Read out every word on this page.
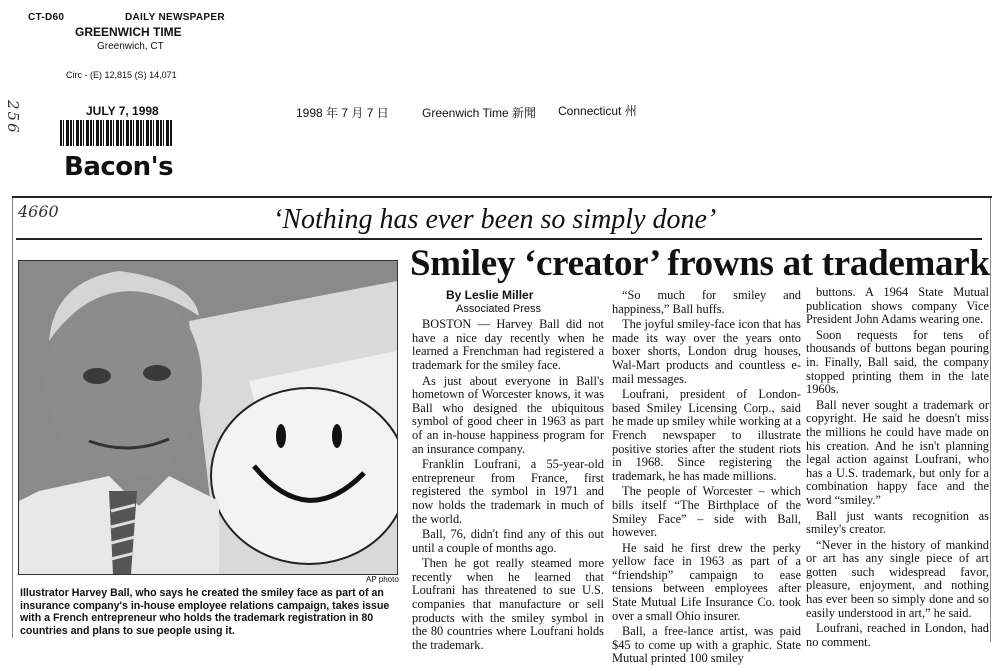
CT-D60	DAILY NEWSPAPER
GREENWICH TIME
Greenwich, CT
Circ - (E) 12,815 (S) 14,071
256	JULY 7, 1998
Bacon's
1998 年 7 月 7 日	Greenwich Time 新聞 Connecticut 州
4660	‘Nothing has ever been so simply done’
Smiley ‘creator’ frowns at trademark
AP photo
Illustrator Harvey Ball, who says he created the smiley face as part of an insurance company's in-house employee relations campaign, takes issue with a French entrepreneur who holds the trademark registration in 80 countries and plans to sue people using it.

By Leslie Miller

Associated Press

BOSTON — Harvey Ball did not have a nice day recently when he learned a Frenchman had registered a trademark for the smiley face.

As just about everyone in Ball's hometown of Worcester knows, it was Ball who designed the ubiquitous symbol of good cheer in 1963 as part of an in-house happiness program for an insurance company.

Franklin Loufrani, a 55-year-old entrepreneur from France, first registered the symbol in 1971 and now holds the trademark in much of the world.

Ball, 76, didn't find any of this out until a couple of months ago.

Then he got really steamed more recently when he learned that Loufrani has threatened to sue U.S. companies that manufacture or sell products with the smiley symbol in the 80 countries where Loufrani holds the trademark.

“So much for smiley and happiness,” Ball huffs.

The joyful smiley-face icon that has made its way over the years onto boxer shorts, London drug houses, Wal-Mart products and countless e-mail messages.

Loufrani, president of London-based Smiley Licensing Corp., said he made up smiley while working at a French newspaper to illustrate positive stories after the student riots in 1968. Since registering the trademark, he has made millions.

The people of Worcester – which bills itself “The Birthplace of the Smiley Face” – side with Ball, however.

He said he first drew the perky yellow face in 1963 as part of a “friendship” campaign to ease tensions between employees after State Mutual Life Insurance Co. took over a small Ohio insurer.

Ball, a free-lance artist, was paid $45 to come up with a graphic. State Mutual printed 100 smiley

buttons. A 1964 State Mutual publication shows company Vice President John Adams wearing one.

Soon requests for tens of thousands of buttons began pouring in. Finally, Ball said, the company stopped printing them in the late 1960s.

Ball never sought a trademark or copyright. He said he doesn't miss the millions he could have made on his creation. And he isn't planning legal action against Loufrani, who has a U.S. trademark, but only for a combination happy face and the word “smiley.”

Ball just wants recognition as smiley's creator.

“Never in the history of mankind or art has any single piece of art gotten such widespread favor, pleasure, enjoyment, and nothing has ever been so simply done and so easily understood in art,” he said.

Loufrani, reached in London, had no comment.
